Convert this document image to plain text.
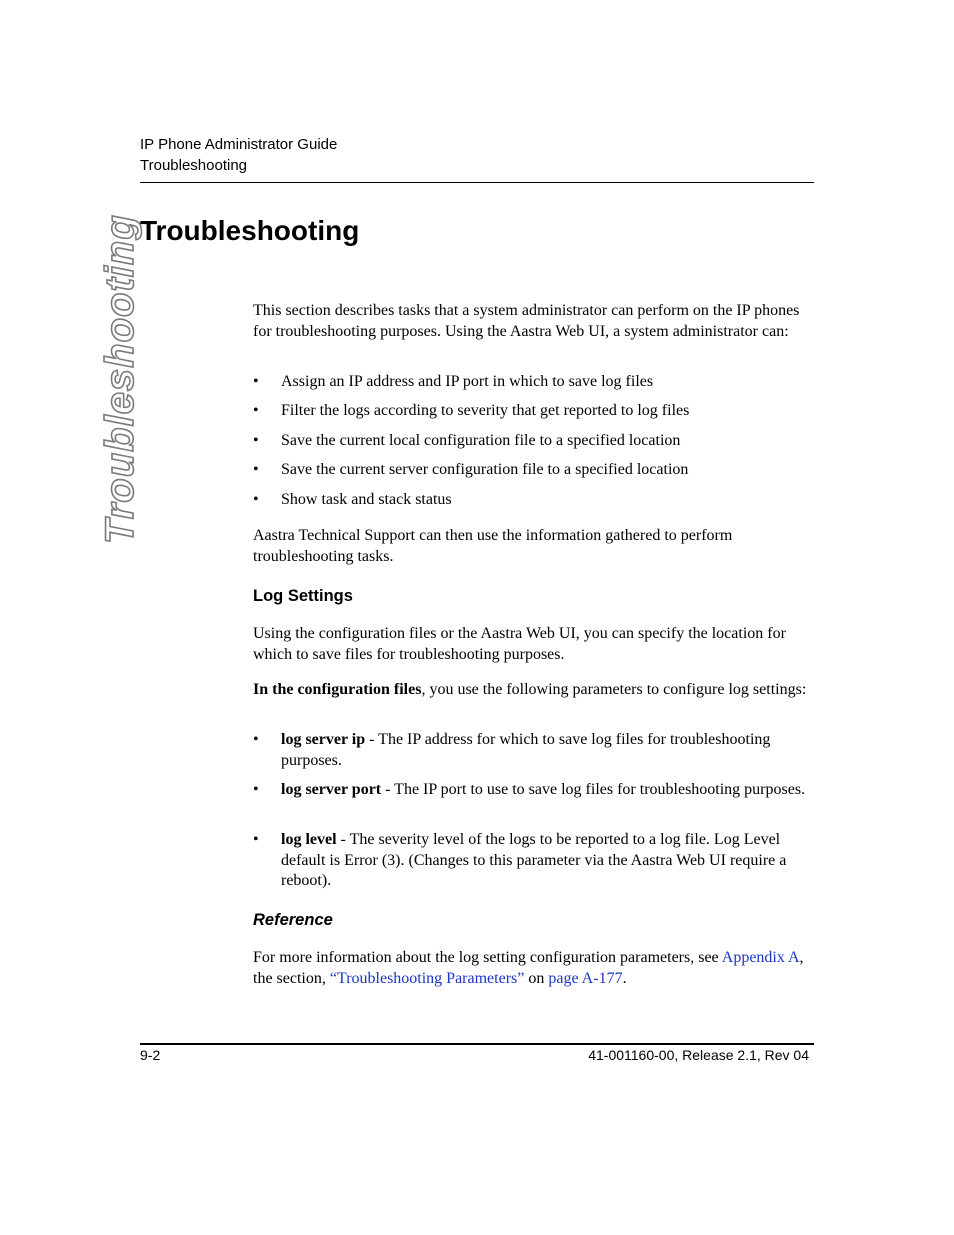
IP Phone Administrator Guide
Troubleshooting
Troubleshooting
Troubleshooting

This section describes tasks that a system administrator can perform on the IP phones for troubleshooting purposes. Using the Aastra Web UI, a system administrator can:

• Assign an IP address and IP port in which to save log files
• Filter the logs according to severity that get reported to log files
• Save the current local configuration file to a specified location
• Save the current server configuration file to a specified location
• Show task and stack status

Aastra Technical Support can then use the information gathered to perform troubleshooting tasks.

Log Settings

Using the configuration files or the Aastra Web UI, you can specify the location for which to save files for troubleshooting purposes.

In the configuration files, you use the following parameters to configure log settings:

• log server ip - The IP address for which to save log files for troubleshooting purposes.
• log server port - The IP port to use to save log files for troubleshooting purposes.
• log level - The severity level of the logs to be reported to a log file. Log Level default is Error (3). (Changes to this parameter via the Aastra Web UI require a reboot).
Reference

For more information about the log setting configuration parameters, see Appendix A, the section, “Troubleshooting Parameters” on page A-177.

9-2	41-001160-00, Release 2.1, Rev 04
